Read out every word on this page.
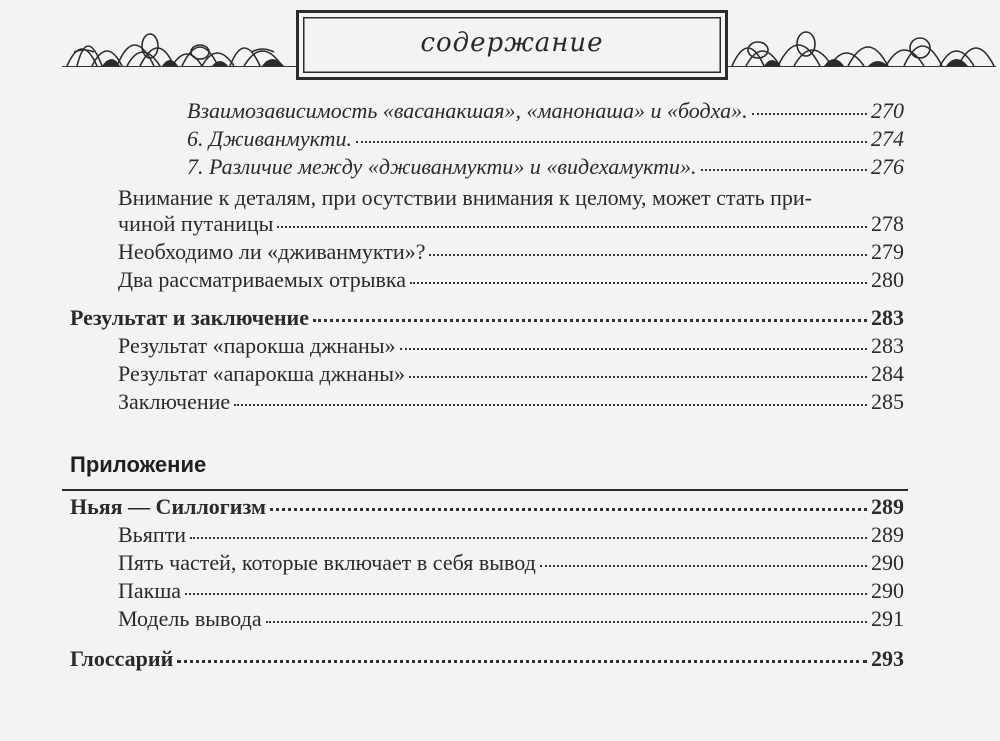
содержание
Взаимозависимость «васанакшая», «манонаша» и «бодха».	270
6. Дживанмукти.	274
7. Различие между «дживанмукти» и «видехамукти».	276
Внимание к деталям, при осутствии внимания к целому, может стать при-
чиной путаницы	278
Необходимо ли «дживанмукти»?	279
Два рассматриваемых отрывка	280
Результат и заключение	283
Результат «парокша джнаны»	283
Результат «апарокша джнаны»	284
Заключение	285
Приложение
Ньяя — Силлогизм	289
Вьяпти	289
Пять частей, которые включает в себя вывод	290
Пакша	290
Модель вывода	291
Глоссарий	293
